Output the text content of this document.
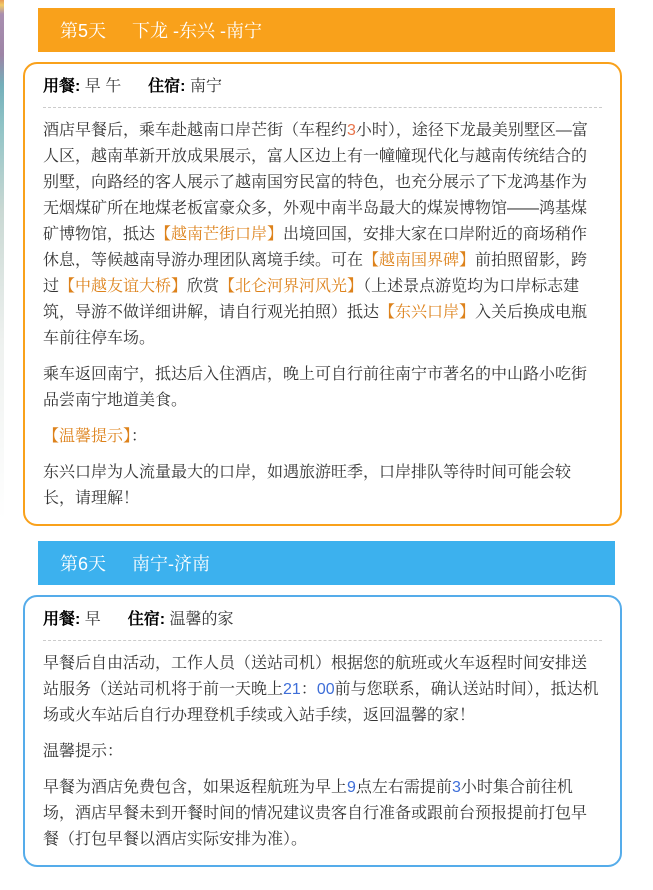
第5天 下龙 -东兴 -南宁
用餐: 早 午 住宿: 南宁

酒店早餐后，乘车赴越南口岸芒街（车程约3小时），途径下龙最美别墅区—富人区，越南革新开放成果展示，富人区边上有一幢幢现代化与越南传统结合的别墅，向路经的客人展示了越南国穷民富的特色，也充分展示了下龙鸿基作为无烟煤矿所在地煤老板富豪众多，外观中南半岛最大的煤炭博物馆——鸿基煤矿博物馆，抵达【越南芒街口岸】出境回国，安排大家在口岸附近的商场稍作休息，等候越南导游办理团队离境手续。可在【越南国界碑】前拍照留影，跨过【中越友谊大桥】欣赏【北仑河界河风光】（上述景点游览均为口岸标志建筑，导游不做详细讲解，请自行观光拍照）抵达【东兴口岸】入关后换成电瓶车前往停车场。

乘车返回南宁，抵达后入住酒店，晚上可自行前往南宁市著名的中山路小吃街品尝南宁地道美食。

【温馨提示】：

东兴口岸为人流量最大的口岸，如遇旅游旺季，口岸排队等待时间可能会较长，请理解！

第6天 南宁-济南
用餐: 早 住宿: 温馨的家

早餐后自由活动，工作人员（送站司机）根据您的航班或火车返程时间安排送站服务（送站司机将于前一天晚上21：00前与您联系，确认送站时间），抵达机场或火车站后自行办理登机手续或入站手续，返回温馨的家！

温馨提示：

早餐为酒店免费包含，如果返程航班为早上9点左右需提前3小时集合前往机场，酒店早餐未到开餐时间的情况建议贵客自行准备或跟前台预报提前打包早餐（打包早餐以酒店实际安排为准）。
